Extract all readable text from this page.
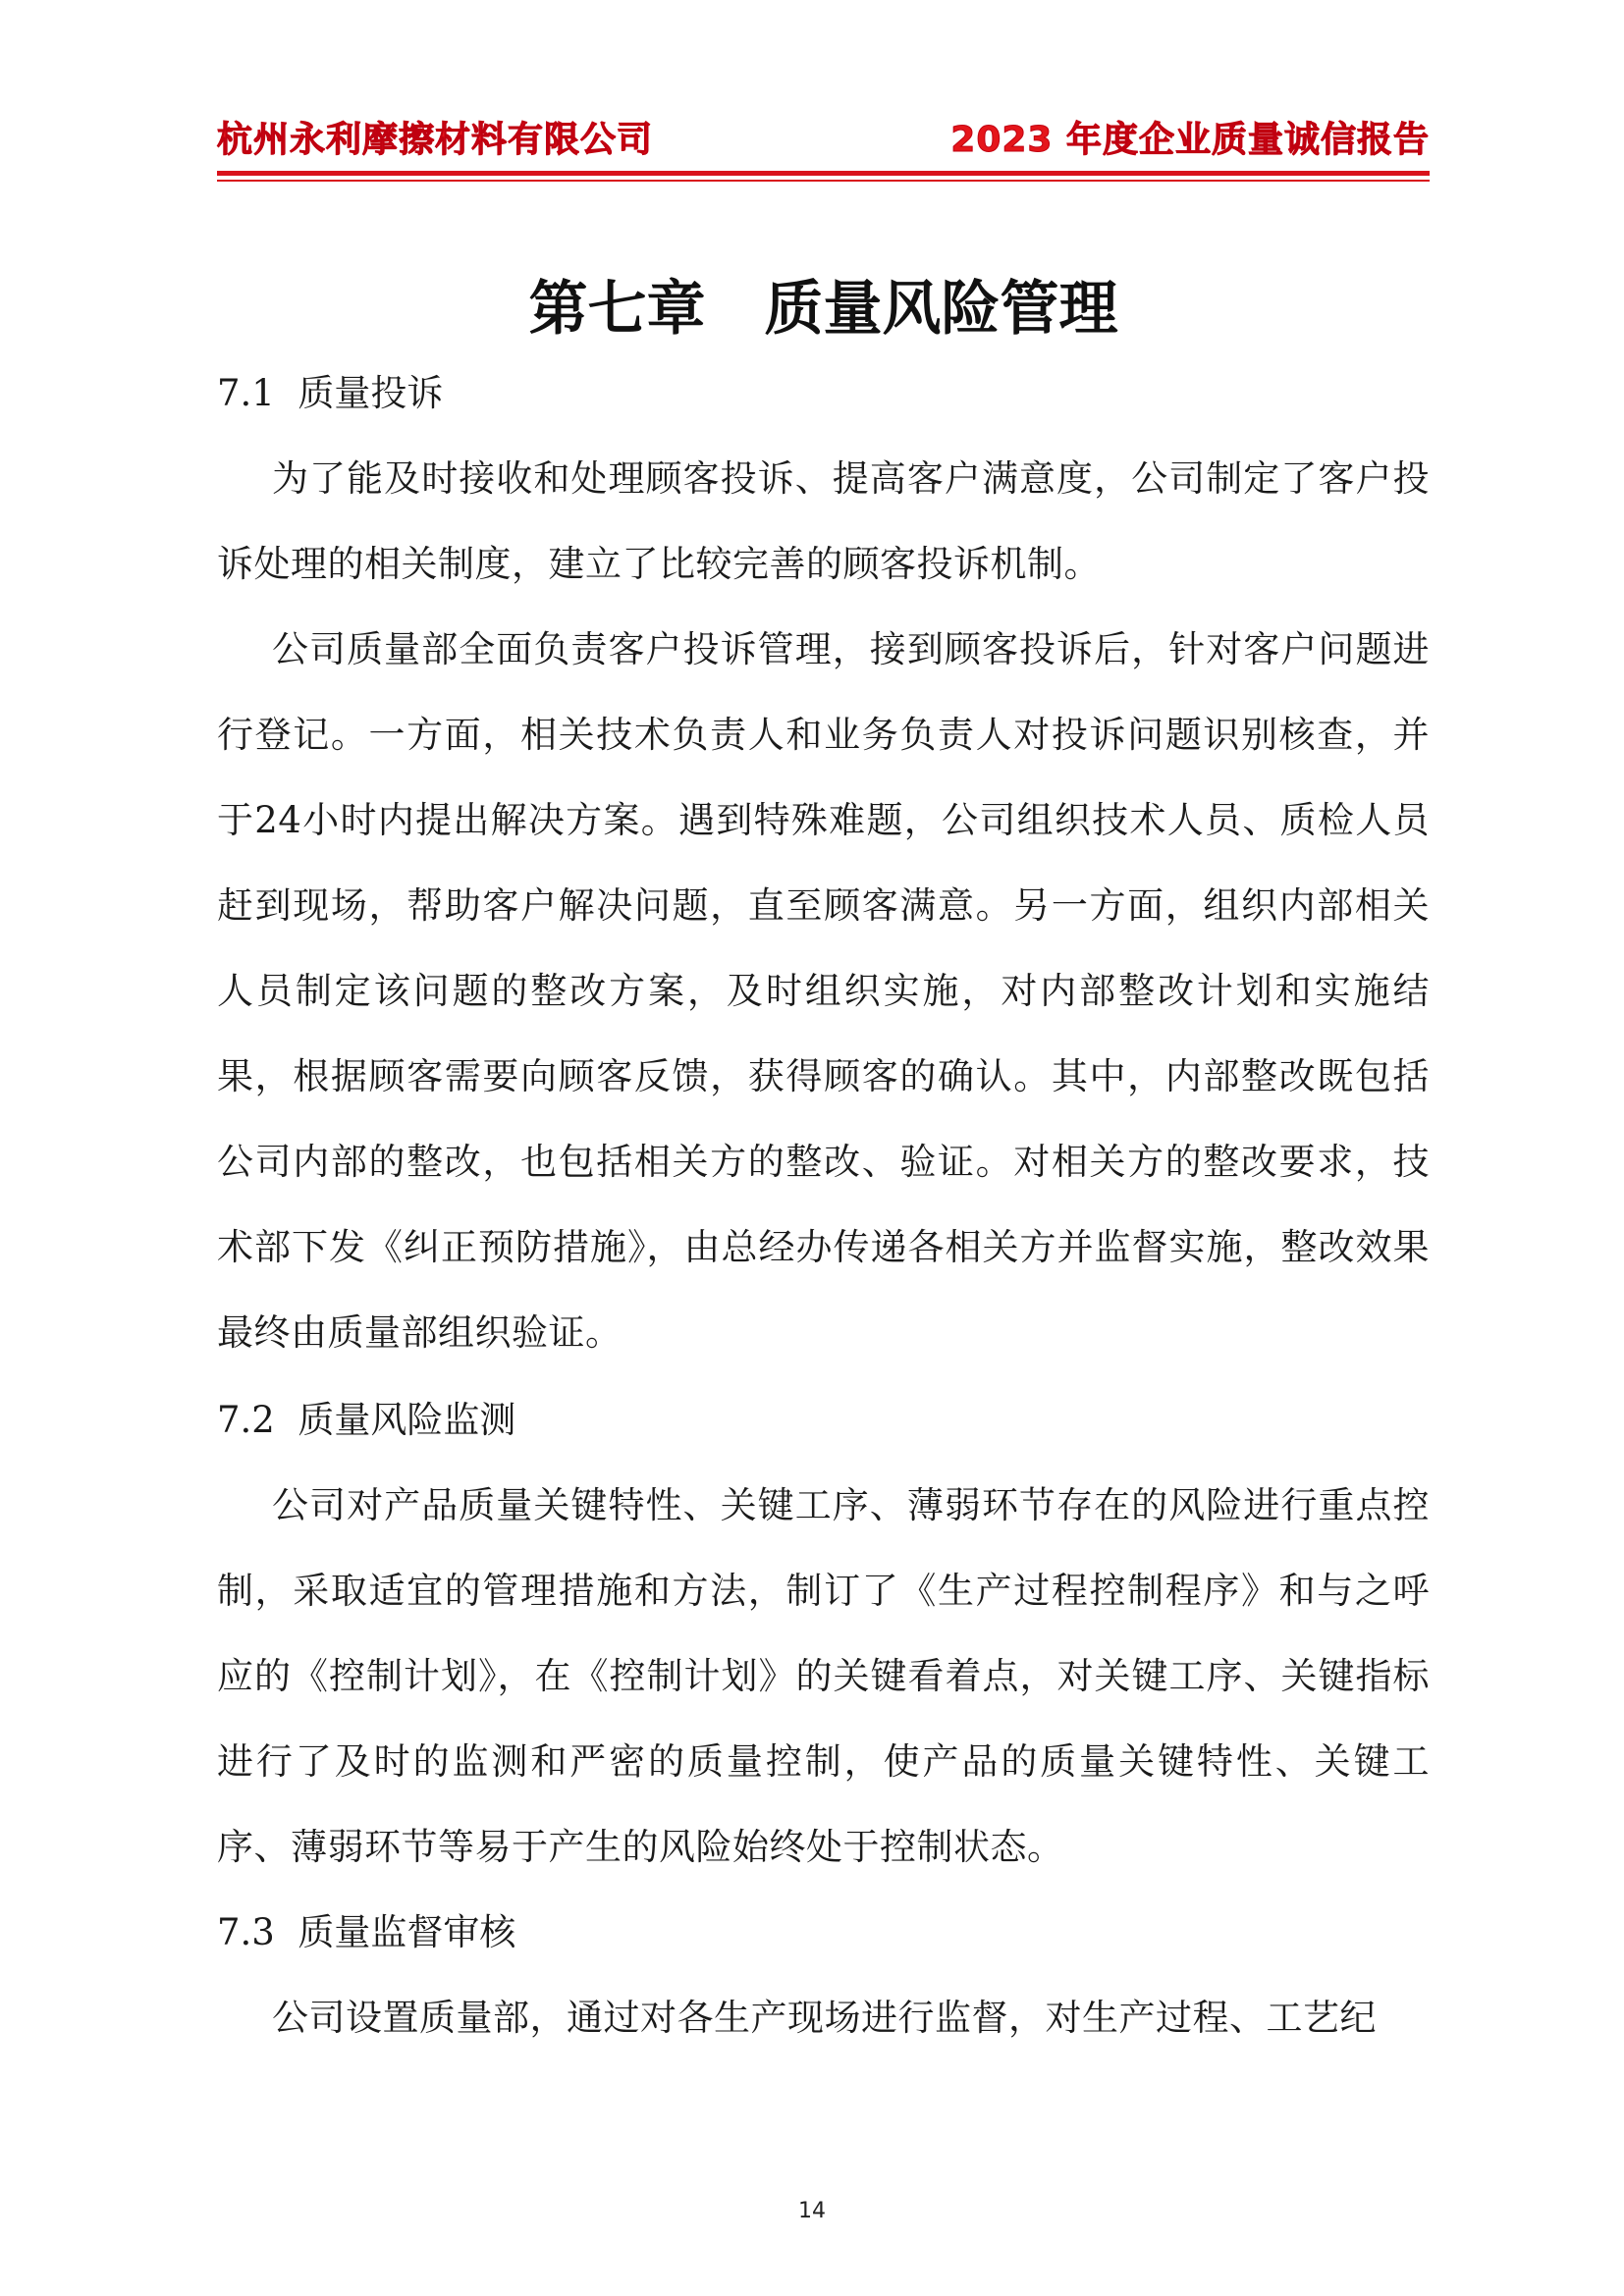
杭州永利摩擦材料有限公司	2023 年度企业质量诚信报告
第七章　质量风险管理

7.1  质量投诉

为了能及时接收和处理顾客投诉、提高客户满意度，公司制定了客户投诉处理的相关制度，建立了比较完善的顾客投诉机制。

公司质量部全面负责客户投诉管理，接到顾客投诉后，针对客户问题进行登记。一方面，相关技术负责人和业务负责人对投诉问题识别核查，并于24小时内提出解决方案。遇到特殊难题，公司组织技术人员、质检人员赶到现场，帮助客户解决问题，直至顾客满意。另一方面，组织内部相关人员制定该问题的整改方案，及时组织实施，对内部整改计划和实施结果，根据顾客需要向顾客反馈，获得顾客的确认。其中，内部整改既包括公司内部的整改，也包括相关方的整改、验证。对相关方的整改要求，技术部下发《纠正预防措施》，由总经办传递各相关方并监督实施，整改效果最终由质量部组织验证。

7.2  质量风险监测

公司对产品质量关键特性、关键工序、薄弱环节存在的风险进行重点控制，采取适宜的管理措施和方法，制订了《生产过程控制程序》和与之呼应的《控制计划》，在《控制计划》的关键看着点，对关键工序、关键指标进行了及时的监测和严密的质量控制，使产品的质量关键特性、关键工序、薄弱环节等易于产生的风险始终处于控制状态。

7.3  质量监督审核

公司设置质量部，通过对各生产现场进行监督，对生产过程、工艺纪

14
